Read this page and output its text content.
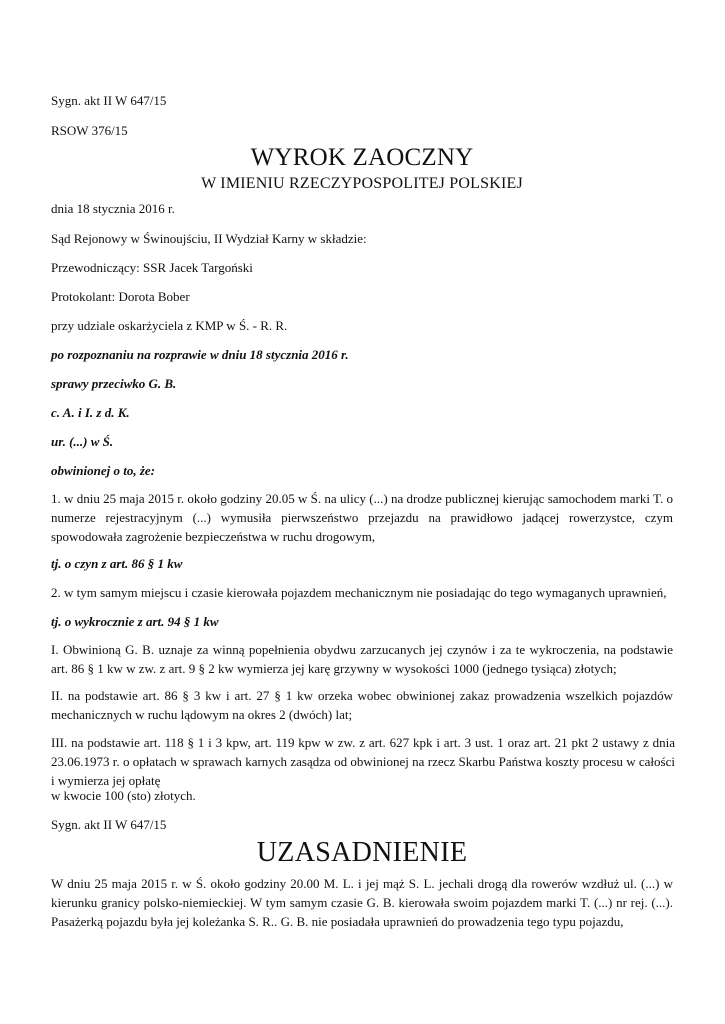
Sygn. akt II W 647/15

RSOW 376/15

WYROK ZAOCZNY
W IMIENIU RZECZYPOSPOLITEJ POLSKIEJ

dnia 18 stycznia 2016 r.

Sąd Rejonowy w Świnoujściu, II Wydział Karny w składzie:

Przewodniczący: SSR Jacek Targoński

Protokolant: Dorota Bober

przy udziale oskarżyciela z KMP w Ś. - R. R.

po rozpoznaniu na rozprawie w dniu 18 stycznia 2016 r.

sprawy przeciwko G. B.

c. A. i I. z d. K.

ur. (...) w Ś.

obwinionej o to, że:

1. w dniu 25 maja 2015 r. około godziny 20.05 w Ś. na ulicy (...) na drodze publicznej kierując samochodem marki T. o numerze rejestracyjnym (...) wymusiła pierwszeństwo przejazdu na prawidłowo jadącej rowerzystce, czym spowodowała zagrożenie bezpieczeństwa w ruchu drogowym,

tj. o czyn z art. 86 § 1 kw

2. w tym samym miejscu i czasie kierowała pojazdem mechanicznym nie posiadając do tego wymaganych uprawnień,

tj. o wykrocznie z art. 94 § 1 kw

I. Obwinioną G. B. uznaje za winną popełnienia obydwu zarzucanych jej czynów i za te wykroczenia, na podstawie art. 86 § 1 kw w zw. z art. 9 § 2 kw wymierza jej karę grzywny w wysokości 1000 (jednego tysiąca) złotych;

II. na podstawie art. 86 § 3 kw i art. 27 § 1 kw orzeka wobec obwinionej zakaz prowadzenia wszelkich pojazdów mechanicznych w ruchu lądowym na okres 2 (dwóch) lat;

III. na podstawie art. 118 § 1 i 3 kpw, art. 119 kpw w zw. z art. 627 kpk i art. 3 ust. 1 oraz art. 21 pkt 2 ustawy z dnia 23.06.1973 r. o opłatach w sprawach karnych zasądza od obwinionej na rzecz Skarbu Państwa koszty procesu w całości i wymierza jej opłatę

w kwocie 100 (sto) złotych.

Sygn. akt II W 647/15

UZASADNIENIE

W dniu 25 maja 2015 r. w Ś. około godziny 20.00 M. L. i jej mąż S. L. jechali drogą dla rowerów wzdłuż ul. (...) w kierunku granicy polsko-niemieckiej. W tym samym czasie G. B. kierowała swoim pojazdem marki T. (...) nr rej. (...). Pasażerką pojazdu była jej koleżanka S. R.. G. B. nie posiadała uprawnień do prowadzenia tego typu pojazdu,
